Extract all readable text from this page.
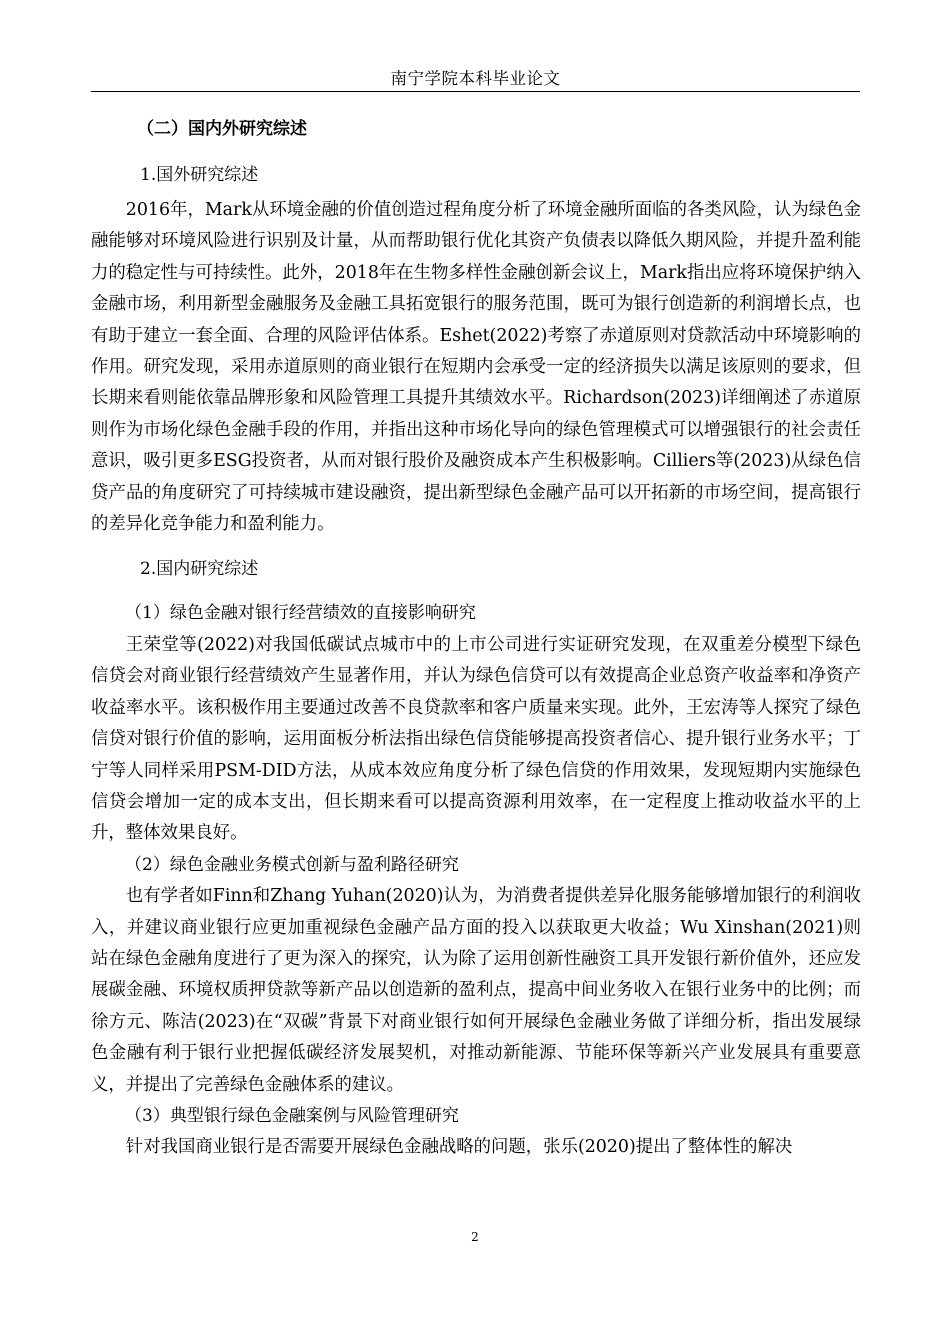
南宁学院本科毕业论文
（二）国内外研究综述
1.国外研究综述

2016年，Mark从环境金融的价值创造过程角度分析了环境金融所面临的各类风险，认为绿色金融能够对环境风险进行识别及计量，从而帮助银行优化其资产负债表以降低久期风险，并提升盈利能力的稳定性与可持续性。此外，2018年在生物多样性金融创新会议上，Mark指出应将环境保护纳入金融市场，利用新型金融服务及金融工具拓宽银行的服务范围，既可为银行创造新的利润增长点，也有助于建立一套全面、合理的风险评估体系。Eshet(2022)考察了赤道原则对贷款活动中环境影响的作用。研究发现，采用赤道原则的商业银行在短期内会承受一定的经济损失以满足该原则的要求，但长期来看则能依靠品牌形象和风险管理工具提升其绩效水平。Richardson(2023)详细阐述了赤道原则作为市场化绿色金融手段的作用，并指出这种市场化导向的绿色管理模式可以增强银行的社会责任意识，吸引更多ESG投资者，从而对银行股价及融资成本产生积极影响。Cilliers等(2023)从绿色信贷产品的角度研究了可持续城市建设融资，提出新型绿色金融产品可以开拓新的市场空间，提高银行的差异化竞争能力和盈利能力。

2.国内研究综述
（1）绿色金融对银行经营绩效的直接影响研究

王荣堂等(2022)对我国低碳试点城市中的上市公司进行实证研究发现，在双重差分模型下绿色信贷会对商业银行经营绩效产生显著作用，并认为绿色信贷可以有效提高企业总资产收益率和净资产收益率水平。该积极作用主要通过改善不良贷款率和客户质量来实现。此外，王宏涛等人探究了绿色信贷对银行价值的影响，运用面板分析法指出绿色信贷能够提高投资者信心、提升银行业务水平；丁宁等人同样采用PSM-DID方法，从成本效应角度分析了绿色信贷的作用效果，发现短期内实施绿色信贷会增加一定的成本支出，但长期来看可以提高资源利用效率，在一定程度上推动收益水平的上升，整体效果良好。

（2）绿色金融业务模式创新与盈利路径研究

也有学者如Finn和Zhang Yuhan(2020)认为，为消费者提供差异化服务能够增加银行的利润收入，并建议商业银行应更加重视绿色金融产品方面的投入以获取更大收益；Wu Xinshan(2021)则站在绿色金融角度进行了更为深入的探究，认为除了运用创新性融资工具开发银行新价值外，还应发展碳金融、环境权质押贷款等新产品以创造新的盈利点，提高中间业务收入在银行业务中的比例；而徐方元、陈洁(2023)在“双碳”背景下对商业银行如何开展绿色金融业务做了详细分析，指出发展绿色金融有利于银行业把握低碳经济发展契机，对推动新能源、节能环保等新兴产业发展具有重要意义，并提出了完善绿色金融体系的建议。

（3）典型银行绿色金融案例与风险管理研究

针对我国商业银行是否需要开展绿色金融战略的问题，张乐(2020)提出了整体性的解决

2
